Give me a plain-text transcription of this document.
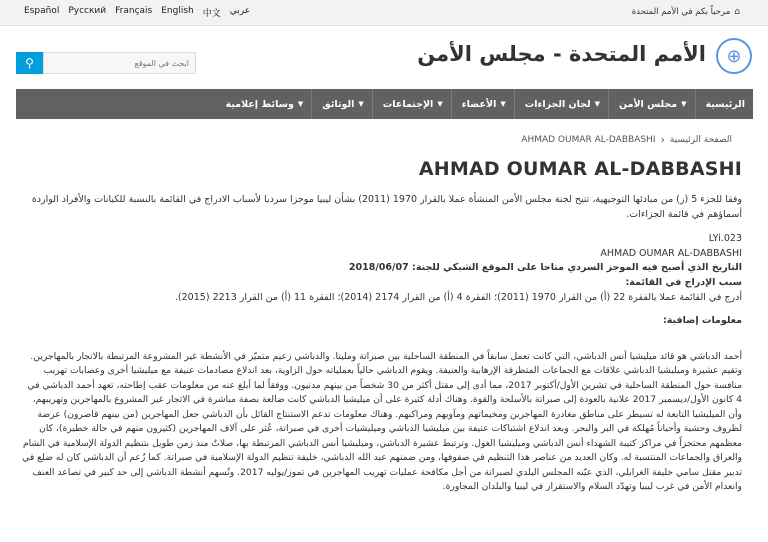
Español Русский Français English 中文 عربي	⌂
مرحباً بكم في الأمم المتحدة
⊕
الأمم المتحدة - مجلس الأمن
⚲
ابحث في الموقع
الرئيسية
▼
مجلس الأمن
▼
لجان الجزاءات
▼
الأعضاء
▼
الإجتماعات
▼
الوثائق
▼
وسائط إعلامية
الصفحة الرئيسية
‹
AHMAD OUMAR AL-DABBASHI
AHMAD OUMAR AL-DABBASHI
وفقا للجزء 5 (ز) من مبادئها التوجيهية، تتيح لجنة مجلس الأمن المنشأة عملا بالقرار 1970 (2011) بشأن ليبيا موجزا سرديا لأسباب الادراج في القائمة بالنسبة للكيانات والأفراد الواردة أسماؤهم في قائمة الجزاءات.
LYi.023
AHMAD OUMAR AL-DABBASHI
التاريخ الذي أصبح فيه الموجز السردي متاحا على الموقع الشبكي للجنة: 2018/06/07
سبب الإدراج في القائمة:
أدرج في القائمة عملا بالفقرة 22 (أ) من القرار 1970 (2011)؛ الفقرة 4 (أ) من القرار 2174 (2014)؛ الفقرة 11 (أ) من القرار 2213 (2015).
معلومات إضافية:
أحمد الدباشي هو قائد ميليشيا أنس الدباشي، التي كانت تعمل سابقاً في المنطقة الساحلية بين صبراتة ومليتا. والدباشي زعيم متميّز في الأنشطة غير المشروعة المرتبطة بالاتجار بالمهاجرين. وتقيم عشيرة وميليشيا الدباشي علاقات مع الجماعات المتطرفة الإرهابية والعنيفة. ويقوم الدباشي حالياً بعملياته حول الزاوية، بعد اندلاع مصادمات عنيفة مع ميليشيا أخرى وعصابات تهريب منافسة حول المنطقة الساحلية في تشرين الأول/أكتوبر 2017، مما أدى إلى مقتل أكثر من 30 شخصاً من بينهم مدنيون. ووفقاً لما أبلغ عنه من معلومات عقب إطاحته، تعهد أحمد الدباشي في 4 كانون الأول/ديسمبر 2017 علانية بالعودة إلى صبراتة بالأسلحة والقوة. وهناك أدلة كثيرة على أن ميليشيا الدباشي كانت ضالعة بصفة مباشرة في الاتجار غير المشروع بالمهاجرين وتهريبهم، وأن الميليشيا التابعة له تسيطر على مناطق مغادرة المهاجرين ومخيماتهم ومآويهم ومراكبهم. وهناك معلومات تدعم الاستنتاج القائل بأن الدباشي جعل المهاجرين (من بينهم قاصرون) عرضة لظروف وحشية وأحياناً مُهلكة في البر والبحر. وبعد اندلاع اشتباكات عنيفة بين ميليشيا الدباشي وميليشيات أخرى في صبراتة، عُثر على آلاف المهاجرين (كثيرون منهم في حالة خطيرة)، كان معظمهم محتجزاً في مراكز كتيبة الشهداء أنس الدباشي وميليشيا الغول. وترتبط عشيرة الدباشي، وميليشيا أنس الدباشي المرتبطة بها، صلاتٌ منذ زمن طويل بتنظيم الدولة الإسلامية في الشام والعراق والجماعات المنتسبة له. وكان العديد من عناصر هذا التنظيم في صفوفها، ومن ضمنهم عبد الله الدباشي، خليفة تنظيم الدولة الإسلامية في صبراتة. كما زُعم أن الدباشي كان له ضلع في تدبير مقتل سامي خليفة الغرابلي، الذي عيّنه المجلس البلدي لصبراتة من أجل مكافحة عمليات تهريب المهاجرين في تموز/يوليه 2017. وتُسهم أنشطة الدباشي إلى حد كبير في تصاعد العنف وانعدام الأمن في غرب ليبيا وتهدّد السلام والاستقرار في ليبيا والبلدان المجاورة.
